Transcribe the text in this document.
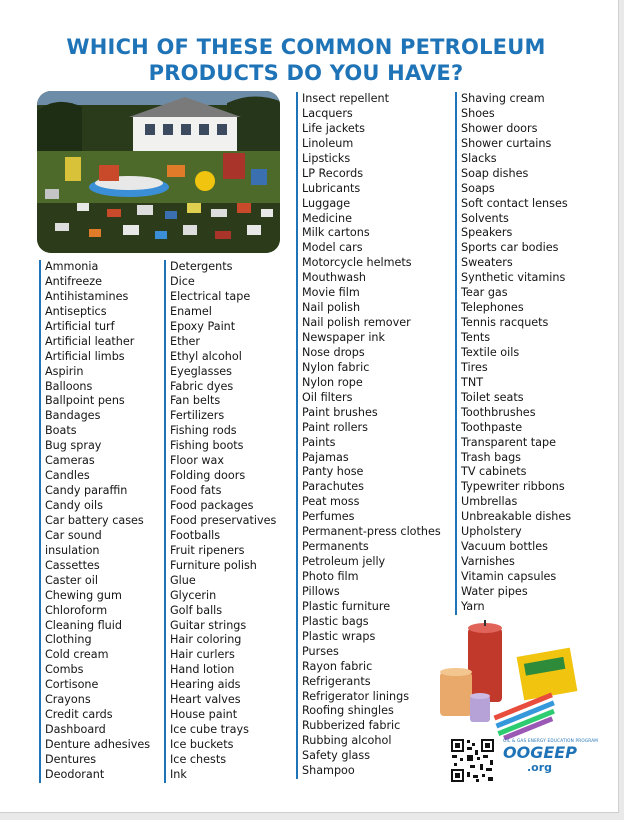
WHICH OF THESE COMMON PETROLEUM
PRODUCTS DO YOU HAVE?
Ammonia
Antifreeze
Antihistamines
Antiseptics
Artificial turf
Artificial leather
Artificial limbs
Aspirin
Balloons
Ballpoint pens
Bandages
Boats
Bug spray
Cameras
Candles
Candy paraffin
Candy oils
Car battery cases
Car sound
insulation
Cassettes
Caster oil
Chewing gum
Chloroform
Cleaning fluid
Clothing
Cold cream
Combs
Cortisone
Crayons
Credit cards
Dashboard
Denture adhesives
Dentures
Deodorant
Detergents
Dice
Electrical tape
Enamel
Epoxy Paint
Ether
Ethyl alcohol
Eyeglasses
Fabric dyes
Fan belts
Fertilizers
Fishing rods
Fishing boots
Floor wax
Folding doors
Food fats
Food packages
Food preservatives
Footballs
Fruit ripeners
Furniture polish
Glue
Glycerin
Golf balls
Guitar strings
Hair coloring
Hair curlers
Hand lotion
Hearing aids
Heart valves
House paint
Ice cube trays
Ice buckets
Ice chests
Ink
Insect repellent
Lacquers
Life jackets
Linoleum
Lipsticks
LP Records
Lubricants
Luggage
Medicine
Milk cartons
Model cars
Motorcycle helmets
Mouthwash
Movie film
Nail polish
Nail polish remover
Newspaper ink
Nose drops
Nylon fabric
Nylon rope
Oil filters
Paint brushes
Paint rollers
Paints
Pajamas
Panty hose
Parachutes
Peat moss
Perfumes
Permanent-press clothes
Permanents
Petroleum jelly
Photo film
Pillows
Plastic furniture
Plastic bags
Plastic wraps
Purses
Rayon fabric
Refrigerants
Refrigerator linings
Roofing shingles
Rubberized fabric
Rubbing alcohol
Safety glass
Shampoo
Shaving cream
Shoes
Shower doors
Shower curtains
Slacks
Soap dishes
Soaps
Soft contact lenses
Solvents
Speakers
Sports car bodies
Sweaters
Synthetic vitamins
Tear gas
Telephones
Tennis racquets
Tents
Textile oils
Tires
TNT
Toilet seats
Toothbrushes
Toothpaste
Transparent tape
Trash bags
TV cabinets
Typewriter ribbons
Umbrellas
Unbreakable dishes
Upholstery
Vacuum bottles
Varnishes
Vitamin capsules
Water pipes
Yarn
OIL & GAS ENERGY EDUCATION PROGRAM
OOGEEP
.org
